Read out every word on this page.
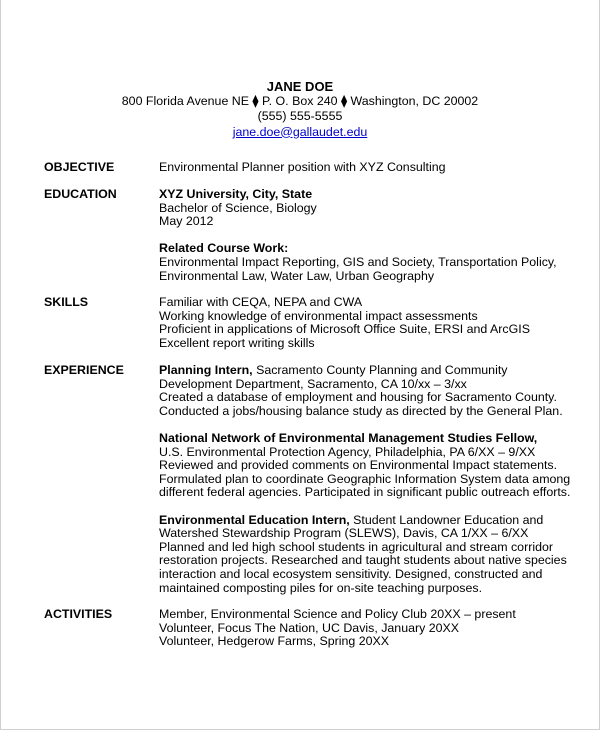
JANE DOE
800 Florida Avenue NE ⧫ P. O. Box 240 ⧫ Washington, DC 20002
(555) 555-5555
jane.doe@gallaudet.edu
OBJECTIVE	Environmental Planner position with XYZ Consulting
EDUCATION	XYZ University, City, State
Bachelor of Science, Biology
May 2012
Related Course Work:
Environmental Impact Reporting, GIS and Society, Transportation Policy,
Environmental Law, Water Law, Urban Geography
SKILLS	Familiar with CEQA, NEPA and CWA
Working knowledge of environmental impact assessments
Proficient in applications of Microsoft Office Suite, ERSI and ArcGIS
Excellent report writing skills
EXPERIENCE	Planning Intern, Sacramento County Planning and Community
Development Department, Sacramento, CA 10/xx – 3/xx
Created a database of employment and housing for Sacramento County.
Conducted a jobs/housing balance study as directed by the General Plan.
National Network of Environmental Management Studies Fellow,
U.S. Environmental Protection Agency, Philadelphia, PA 6/XX – 9/XX
Reviewed and provided comments on Environmental Impact statements.
Formulated plan to coordinate Geographic Information System data among
different federal agencies. Participated in significant public outreach efforts.
Environmental Education Intern, Student Landowner Education and
Watershed Stewardship Program (SLEWS), Davis, CA 1/XX – 6/XX
Planned and led high school students in agricultural and stream corridor
restoration projects. Researched and taught students about native species
interaction and local ecosystem sensitivity. Designed, constructed and
maintained composting piles for on-site teaching purposes.
ACTIVITIES	Member, Environmental Science and Policy Club 20XX – present
Volunteer, Focus The Nation, UC Davis, January 20XX
Volunteer, Hedgerow Farms, Spring 20XX
